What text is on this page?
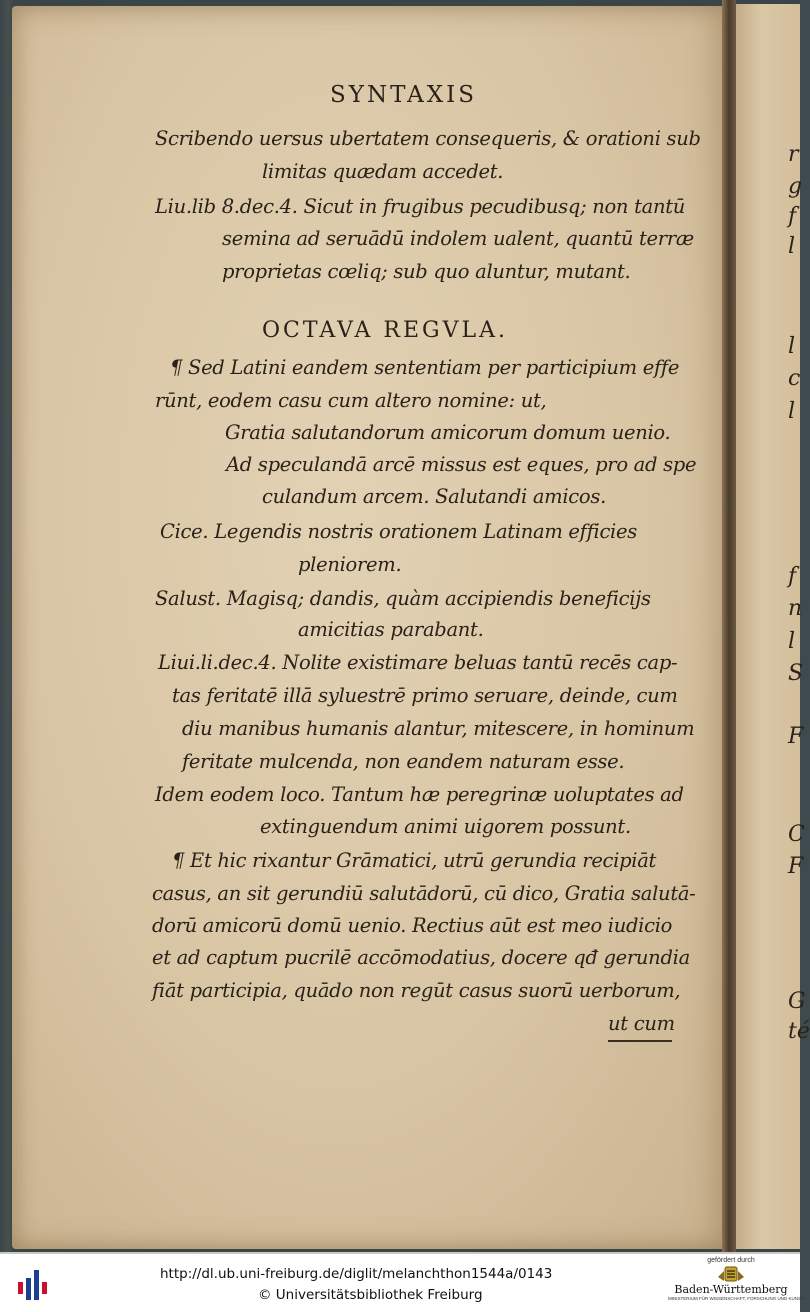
r
g
f
l
l
c
l
f
n
l
S
F
C
F
G
té
SYNTAXIS
Scribendo uersus ubertatem consequeris, & orationi sub
limitas quædam accedet.
Liu.lib 8.dec.4. Sicut in frugibus pecudibusq; non tantū
semina ad seruādū indolem ualent, quantū terræ
proprietas cœliq; sub quo aluntur, mutant.
OCTAVA REGVLA.
¶ Sed Latini eandem sententiam per participium effe
rūnt, eodem casu cum altero nomine: ut,
Gratia salutandorum amicorum domum uenio.
Ad speculandā arcē missus est eques, pro ad spe
culandum arcem. Salutandi amicos.
Cice. Legendis nostris orationem Latinam efficies
pleniorem.
Salust. Magisq; dandis, quàm accipiendis beneficijs
amicitias parabant.
Liui.li.dec.4. Nolite existimare beluas tantū recēs cap-
tas feritatē illā syluestrē primo seruare, deinde, cum
diu manibus humanis alantur, mitescere, in hominum
feritate mulcenda, non eandem naturam esse.
Idem eodem loco. Tantum hæ peregrinæ uoluptates ad
extinguendum animi uigorem possunt.
¶ Et hic rixantur Grāmatici, utrū gerundia recipiāt
casus, an sit gerundiū salutādorū, cū dico, Gratia salutā-
dorū amicorū domū uenio. Rectius aūt est meo iudicio
et ad captum pucrilē accōmodatius, docere qđ gerundia
fiāt participia, quādo non regūt casus suorū uerborum,
ut cum
http://dl.ub.uni-freiburg.de/diglit/melanchthon1544a/0143
© Universitätsbibliothek Freiburg
gefördert durch
Baden-Württemberg
MINISTERIUM FÜR WISSENSCHAFT, FORSCHUNG UND KUNST
